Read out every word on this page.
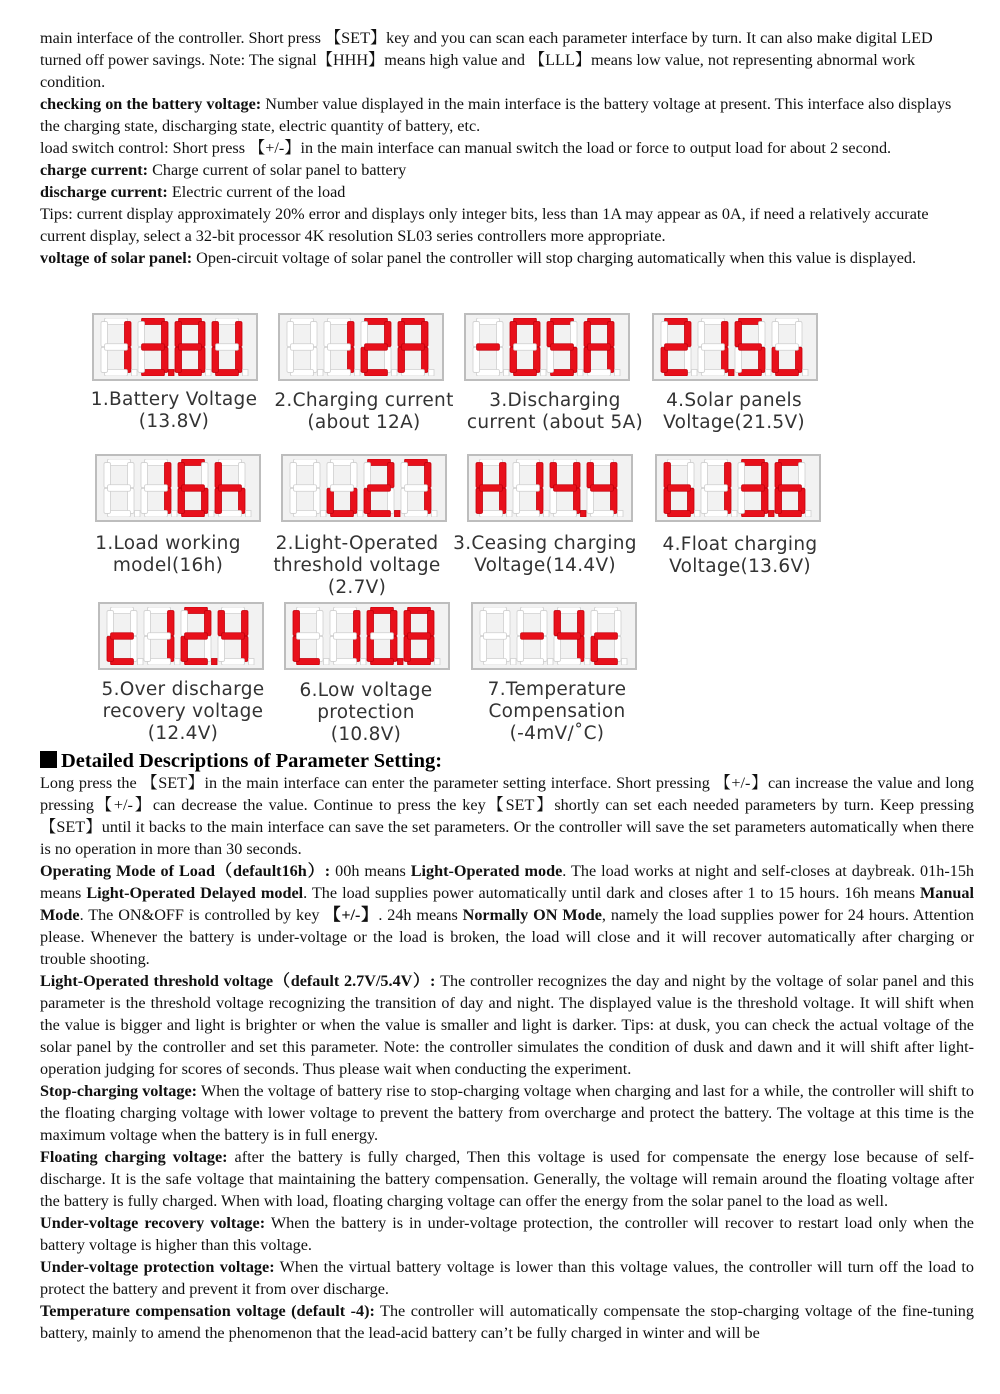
main interface of the controller. Short press 【SET】key and you can scan each parameter interface by turn. It can also make digital LED turned off power savings. Note: The signal【HHH】means high value and 【LLL】means low value, not representing abnormal work condition.

checking on the battery voltage: Number value displayed in the main interface is the battery voltage at present. This interface also displays the charging state, discharging state, electric quantity of battery, etc.

load switch control: Short press 【+/-】in the main interface can manual switch the load or force to output load for about 2 second.

charge current: Charge current of solar panel to battery

discharge current: Electric current of the load

Tips: current display approximately 20% error and displays only integer bits, less than 1A may appear as 0A, if need a relatively accurate current display, select a 32-bit processor 4K resolution SL03 series controllers more appropriate.

voltage of solar panel: Open-circuit voltage of solar panel the controller will stop charging automatically when this value is displayed.

1.Battery Voltage
(13.8V)
2.Charging current
(about 12A)
3.Discharging
current (about 5A)
4.Solar panels
Voltage(21.5V)
1.Load working
model(16h)
2.Light-Operated
threshold voltage
(2.7V)
3.Ceasing charging
Voltage(14.4V)
4.Float charging
Voltage(13.6V)
5.Over discharge
recovery voltage
(12.4V)
6.Low voltage
protection
(10.8V)
7.Temperature
Compensation
(-4mV/˚C)
Detailed Descriptions of Parameter Setting:

Long press the 【SET】in the main interface can enter the parameter setting interface. Short pressing 【+/-】can increase the value and long pressing【+/-】can decrease the value. Continue to press the key【SET】shortly can set each needed parameters by turn. Keep pressing【SET】until it backs to the main interface can save the set parameters. Or the controller will save the set parameters automatically when there is no operation in more than 30 seconds.

Operating Mode of Load（default16h）: 00h means Light-Operated mode. The load works at night and self-closes at daybreak. 01h-15h means Light-Operated Delayed model. The load supplies power automatically until dark and closes after 1 to 15 hours. 16h means Manual Mode. The ON&OFF is controlled by key 【+/-】. 24h means Normally ON Mode, namely the load supplies power for 24 hours. Attention please. Whenever the battery is under-voltage or the load is broken, the load will close and it will recover automatically after charging or trouble shooting.

Light-Operated threshold voltage（default 2.7V/5.4V）: The controller recognizes the day and night by the voltage of solar panel and this parameter is the threshold voltage recognizing the transition of day and night. The displayed value is the threshold voltage. It will shift when the value is bigger and light is brighter or when the value is smaller and light is darker. Tips: at dusk, you can check the actual voltage of the solar panel by the controller and set this parameter. Note: the controller simulates the condition of dusk and dawn and it will shift after light-operation judging for scores of seconds. Thus please wait when conducting the experiment.

Stop-charging voltage: When the voltage of battery rise to stop-charging voltage when charging and last for a while, the controller will shift to the floating charging voltage with lower voltage to prevent the battery from overcharge and protect the battery. The voltage at this time is the maximum voltage when the battery is in full energy.

Floating charging voltage: after the battery is fully charged, Then this voltage is used for compensate the energy lose because of self-discharge. It is the safe voltage that maintaining the battery compensation. Generally, the voltage will remain around the floating voltage after the battery is fully charged. When with load, floating charging voltage can offer the energy from the solar panel to the load as well.

Under-voltage recovery voltage: When the battery is in under-voltage protection, the controller will recover to restart load only when the battery voltage is higher than this voltage.

Under-voltage protection voltage: When the virtual battery voltage is lower than this voltage values, the controller will turn off the load to protect the battery and prevent it from over discharge.

Temperature compensation voltage (default -4): The controller will automatically compensate the stop-charging voltage of the fine-tuning battery, mainly to amend the phenomenon that the lead-acid battery can’t be fully charged in winter and will be
